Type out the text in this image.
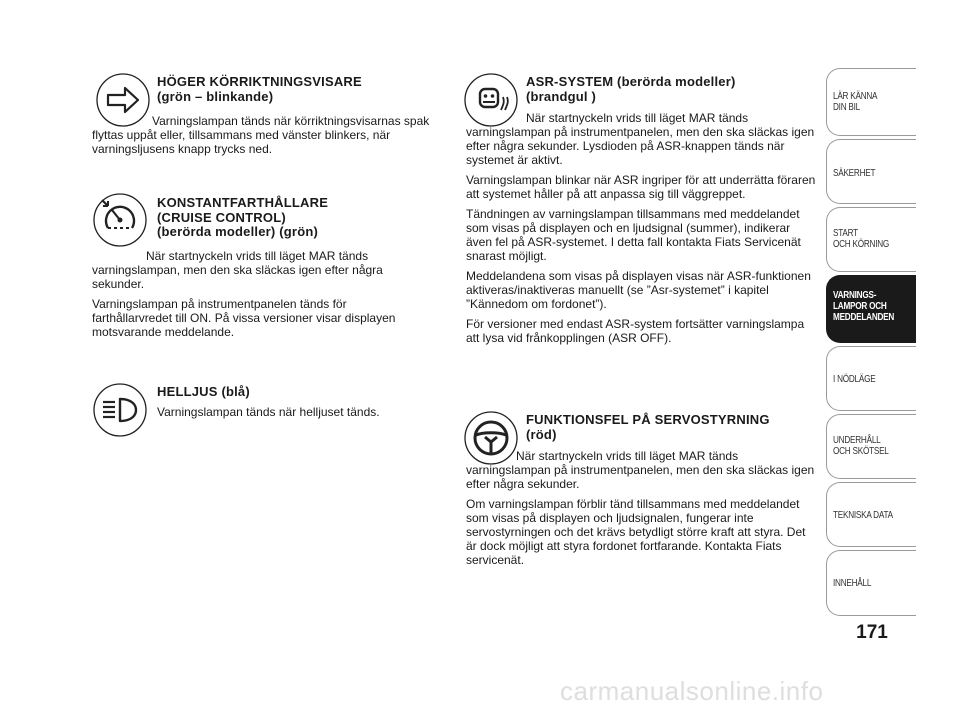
HÖGER KÖRRIKTNINGSVISARE
(grön – blinkande)

Varningslampan tänds när körriktningsvisarnas spak flyttas uppåt eller, tillsammans med vänster blinkers, när varningsljusens knapp trycks ned.

KONSTANTFARTHÅLLARE
(CRUISE CONTROL)
(berörda modeller) (grön)

När startnyckeln vrids till läget MAR tänds varningslampan, men den ska släckas igen efter några sekunder.

Varningslampan på instrumentpanelen tänds för farthållarvredet till ON. På vissa versioner visar displayen motsvarande meddelande.

HELLJUS (blå)

Varningslampan tänds när helljuset tänds.

ASR-SYSTEM (berörda modeller)
(brandgul )

När startnyckeln vrids till läget MAR tänds varningslampan på instrumentpanelen, men den ska släckas igen efter några sekunder. Lysdioden på ASR-knappen tänds när systemet är aktivt.

Varningslampan blinkar när ASR ingriper för att underrätta föraren att systemet håller på att anpassa sig till väggreppet.

Tändningen av varningslampan tillsammans med meddelandet som visas på displayen och en ljudsignal (summer), indikerar även fel på ASR-systemet. I detta fall kontakta Fiats Servicenät snarast möjligt.

Meddelandena som visas på displayen visas när ASR-funktionen aktiveras/inaktiveras manuellt (se ”Asr-systemet” i kapitel ”Kännedom om fordonet”).

För versioner med endast ASR-system fortsätter varningslampa att lysa vid frånkopplingen (ASR OFF).

FUNKTIONSFEL PÅ SERVOSTYRNING
(röd)

När startnyckeln vrids till läget MAR tänds varningslampan på instrumentpanelen, men den ska släckas igen efter några sekunder.

Om varningslampan förblir tänd tillsammans med meddelandet som visas på displayen och ljudsignalen, fungerar inte servostyrningen och det krävs betydligt större kraft att styra. Det är dock möjligt att styra fordonet fortfarande. Kontakta Fiats servicenät.

LÄR KÄNNA
DIN BIL
SÄKERHET
START
OCH KÖRNING
VARNINGS-
LAMPOR OCH
MEDDELANDEN
I NÖDLÄGE
UNDERHÅLL
OCH SKÖTSEL
TEKNISKA DATA
INNEHÅLL
171
carmanualsonline.info
